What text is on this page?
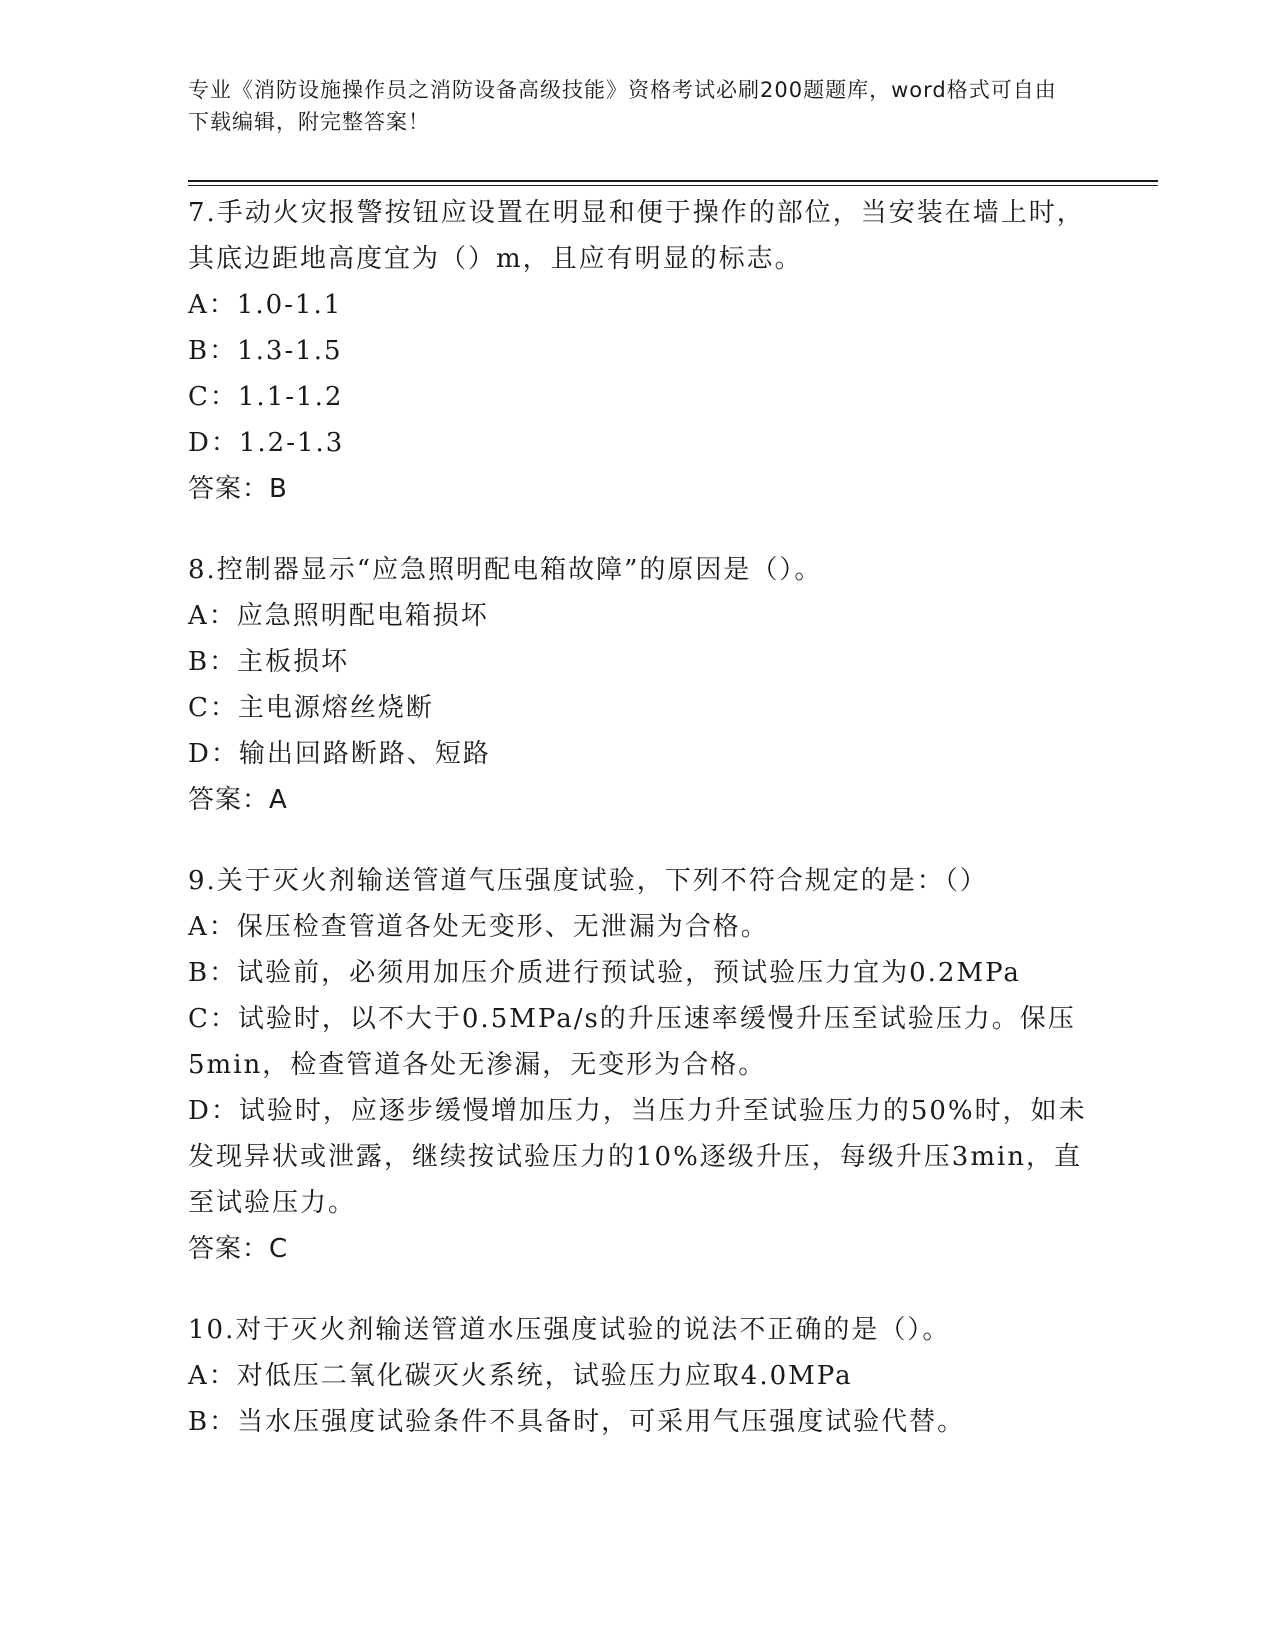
专业《消防设施操作员之消防设备高级技能》资格考试必刷200题题库，word格式可自由下载编辑，附完整答案！
7.手动火灾报警按钮应设置在明显和便于操作的部位，当安装在墙上时，其底边距地高度宜为（）m，且应有明显的标志。
A：1.0-1.1
B：1.3-1.5
C：1.1-1.2
D：1.2-1.3
答案：B
8.控制器显示“应急照明配电箱故障”的原因是（）。
A：应急照明配电箱损坏
B：主板损坏
C：主电源熔丝烧断
D：输出回路断路、短路
答案：A
9.关于灭火剂输送管道气压强度试验，下列不符合规定的是：（）
A：保压检查管道各处无变形、无泄漏为合格。
B：试验前，必须用加压介质进行预试验，预试验压力宜为0.2MPa
C：试验时，以不大于0.5MPa/s的升压速率缓慢升压至试验压力。保压5min，检查管道各处无渗漏，无变形为合格。
D：试验时，应逐步缓慢增加压力，当压力升至试验压力的50%时，如未发现异状或泄露，继续按试验压力的10%逐级升压，每级升压3min，直至试验压力。
答案：C
10.对于灭火剂输送管道水压强度试验的说法不正确的是（）。
A：对低压二氧化碳灭火系统，试验压力应取4.0MPa
B：当水压强度试验条件不具备时，可采用气压强度试验代替。
